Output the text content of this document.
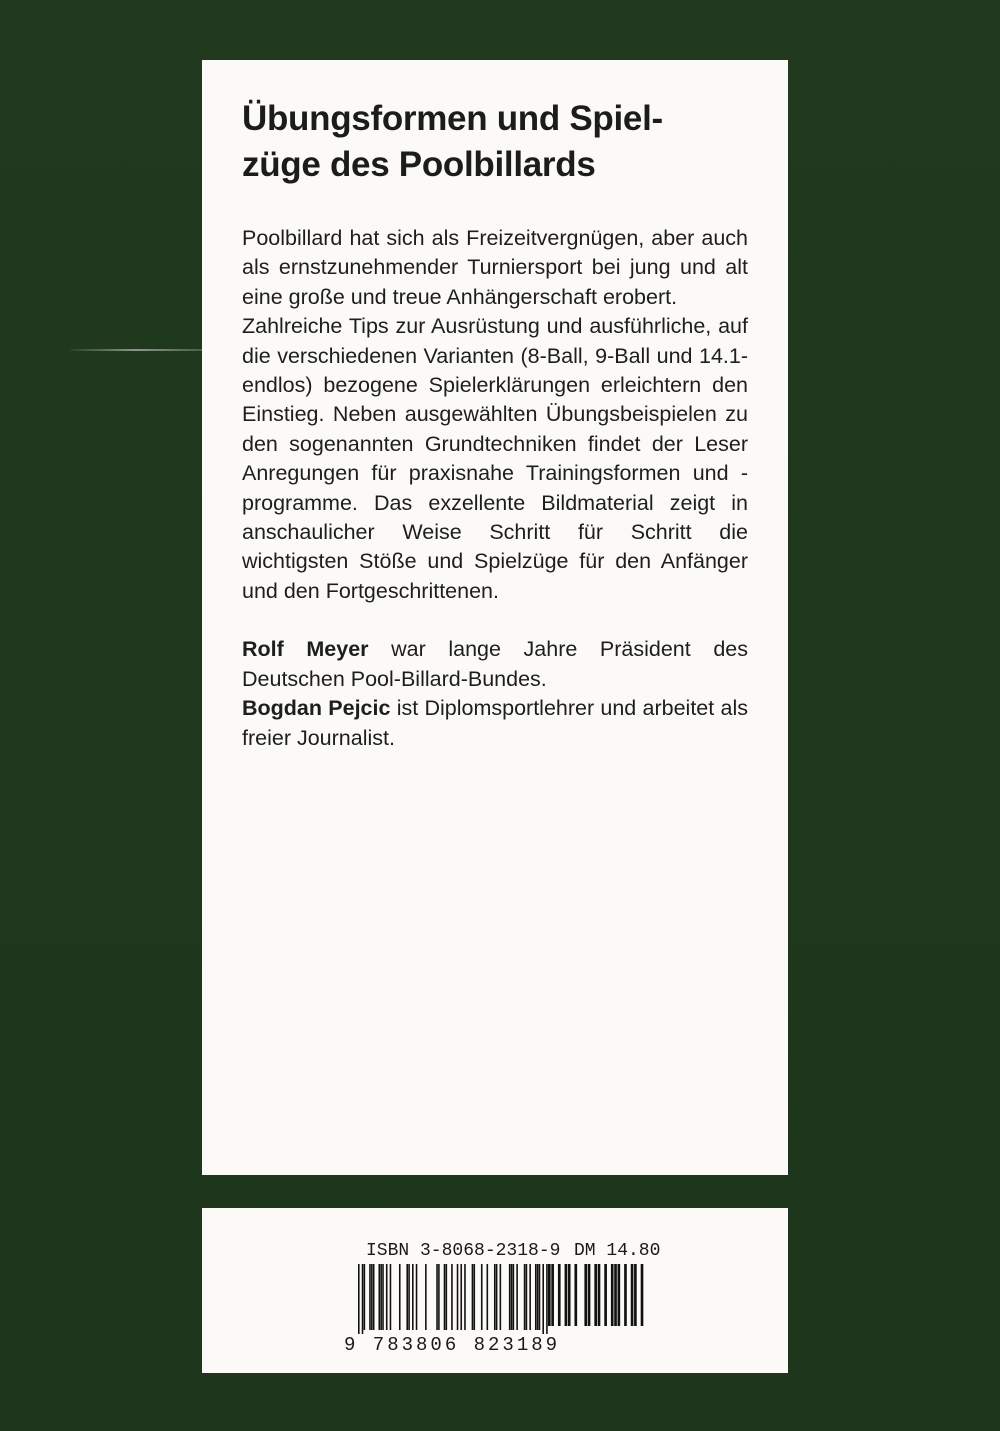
Übungsformen und Spiel-
züge des Poolbillards

Poolbillard hat sich als Freizeitvergnügen, aber auch als ernstzunehmender Turniersport bei jung und alt eine große und treue Anhängerschaft erobert.

Zahlreiche Tips zur Ausrüstung und ausführliche, auf die verschiedenen Varianten (8-Ball, 9-Ball und 14.1-endlos) bezogene Spielerklärungen erleichtern den Einstieg. Neben ausgewählten Übungsbeispielen zu den sogenannten Grundtechniken findet der Leser Anregungen für praxisnahe Trainingsformen und -programme. Das exzellente Bildmaterial zeigt in anschaulicher Weise Schritt für Schritt die wichtigsten Stöße und Spielzüge für den Anfänger und den Fortgeschrittenen.

Rolf Meyer war lange Jahre Präsident des Deutschen Pool-Billard-Bundes.

Bogdan Pejcic ist Diplomsportlehrer und arbeitet als freier Journalist.

ISBN 3-8068-2318-9 DM 14.80
9 783806 823189
